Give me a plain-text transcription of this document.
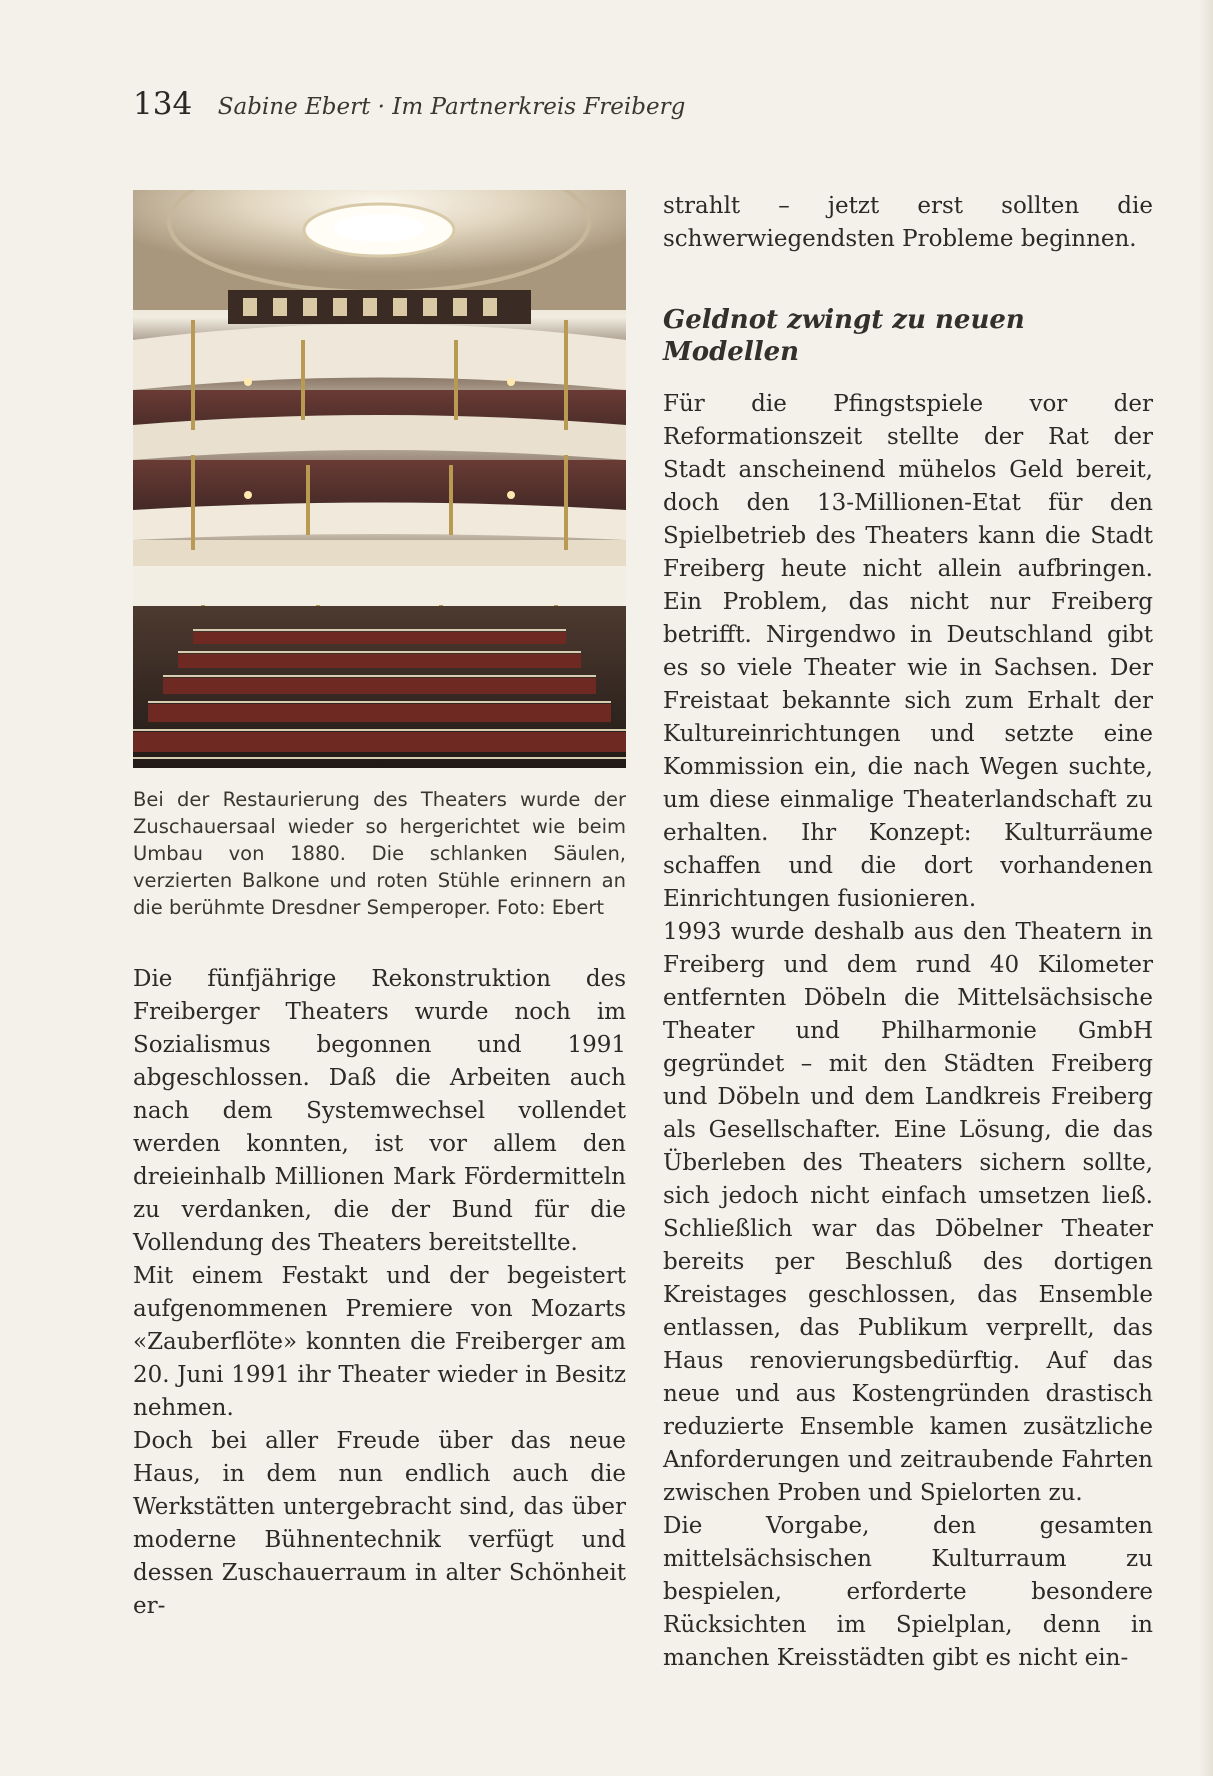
134 Sabine Ebert · Im Partnerkreis Freiberg
Bei der Restaurierung des Theaters wurde der Zuschauersaal wieder so hergerichtet wie beim Umbau von 1880. Die schlanken Säulen, verzierten Balkone und roten Stühle erinnern an die berühmte Dresdner Semperoper. Foto: Ebert

Die fünfjährige Rekonstruktion des Freiberger Theaters wurde noch im Sozialismus begonnen und 1991 abgeschlossen. Daß die Arbeiten auch nach dem Systemwechsel vollendet werden konnten, ist vor allem den dreieinhalb Millionen Mark Fördermitteln zu verdanken, die der Bund für die Vollendung des Theaters bereitstellte.

Mit einem Festakt und der begeistert aufgenommenen Premiere von Mozarts «Zauberflöte» konnten die Freiberger am 20. Juni 1991 ihr Theater wieder in Besitz nehmen.

Doch bei aller Freude über das neue Haus, in dem nun endlich auch die Werkstätten untergebracht sind, das über moderne Bühnentechnik verfügt und dessen Zuschauerraum in alter Schönheit er-

strahlt – jetzt erst sollten die schwerwiegendsten Probleme beginnen.

Geldnot zwingt zu neuen Modellen

Für die Pfingstspiele vor der Reformationszeit stellte der Rat der Stadt anscheinend mühelos Geld bereit, doch den 13-Millionen-Etat für den Spielbetrieb des Theaters kann die Stadt Freiberg heute nicht allein aufbringen. Ein Problem, das nicht nur Freiberg betrifft. Nirgendwo in Deutschland gibt es so viele Theater wie in Sachsen. Der Freistaat bekannte sich zum Erhalt der Kultureinrichtungen und setzte eine Kommission ein, die nach Wegen suchte, um diese einmalige Theaterlandschaft zu erhalten. Ihr Konzept: Kulturräume schaffen und die dort vorhandenen Einrichtungen fusionieren.

1993 wurde deshalb aus den Theatern in Freiberg und dem rund 40 Kilometer entfernten Döbeln die Mittelsächsische Theater und Philharmonie GmbH gegründet – mit den Städten Freiberg und Döbeln und dem Landkreis Freiberg als Gesellschafter. Eine Lösung, die das Überleben des Theaters sichern sollte, sich jedoch nicht einfach umsetzen ließ. Schließlich war das Döbelner Theater bereits per Beschluß des dortigen Kreistages geschlossen, das Ensemble entlassen, das Publikum verprellt, das Haus renovierungsbedürftig. Auf das neue und aus Kostengründen drastisch reduzierte Ensemble kamen zusätzliche Anforderungen und zeitraubende Fahrten zwischen Proben und Spielorten zu.

Die Vorgabe, den gesamten mittelsächsischen Kulturraum zu bespielen, erforderte besondere Rücksichten im Spielplan, denn in manchen Kreisstädten gibt es nicht ein-
